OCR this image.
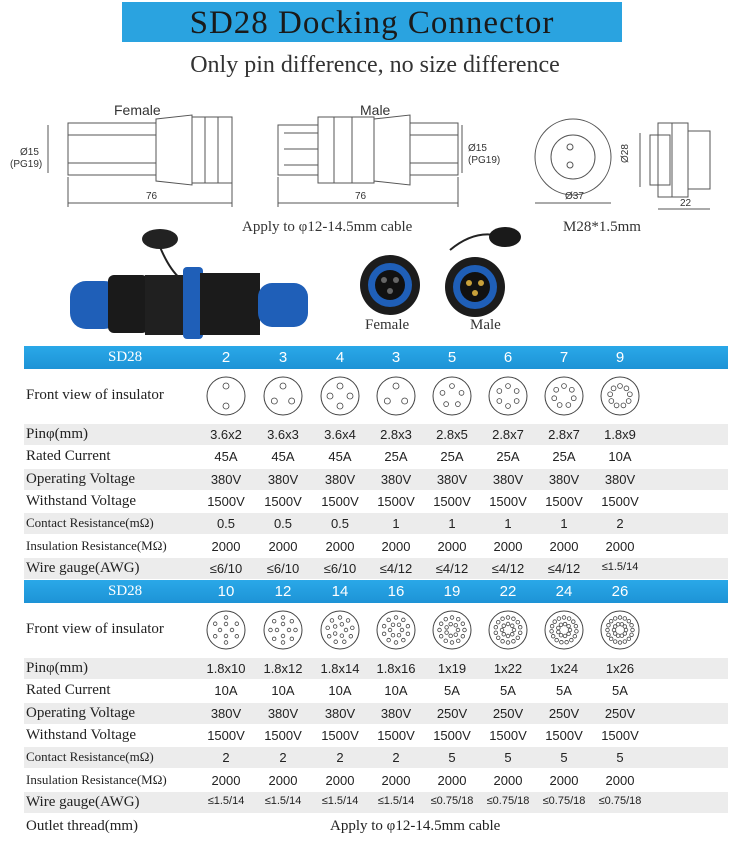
SD28 Docking Connector
Only pin difference, no size difference
Ø15
(PG19)
76
Ø15
(PG19)
76	Ø37
Ø28
22
Female	Male
Apply to φ12-14.5mm cable	M28*1.5mm
Female	Male
SD28	2	3	4	3	5	6	7	9
Front view of insulator
Pinφ(mm)	3.6x2	3.6x3	3.6x4	2.8x3	2.8x5	2.8x7	2.8x7	1.8x9
Rated Current	45A	45A	45A	25A	25A	25A	25A	10A
Operating Voltage	380V	380V	380V	380V	380V	380V	380V	380V
Withstand Voltage	1500V	1500V	1500V	1500V	1500V	1500V	1500V	1500V
Contact Resistance(mΩ)	0.5	0.5	0.5	1	1	1	1	2
Insulation Resistance(MΩ)	2000	2000	2000	2000	2000	2000	2000	2000
Wire gauge(AWG)	≤6/10	≤6/10	≤6/10	≤4/12	≤4/12	≤4/12	≤4/12	≤1.5/14
SD28	10	12	14	16	19	22	24	26
Front view of insulator
Pinφ(mm)	1.8x10	1.8x12	1.8x14	1.8x16	1x19	1x22	1x24	1x26
Rated Current	10A	10A	10A	10A	5A	5A	5A	5A
Operating Voltage	380V	380V	380V	380V	250V	250V	250V	250V
Withstand Voltage	1500V	1500V	1500V	1500V	1500V	1500V	1500V	1500V
Contact Resistance(mΩ)	2	2	2	2	5	5	5	5
Insulation Resistance(MΩ)	2000	2000	2000	2000	2000	2000	2000	2000
Wire gauge(AWG)	≤1.5/14	≤1.5/14	≤1.5/14	≤1.5/14	≤0.75/18	≤0.75/18	≤0.75/18	≤0.75/18
Outlet thread(mm)	Apply to φ12-14.5mm cable
